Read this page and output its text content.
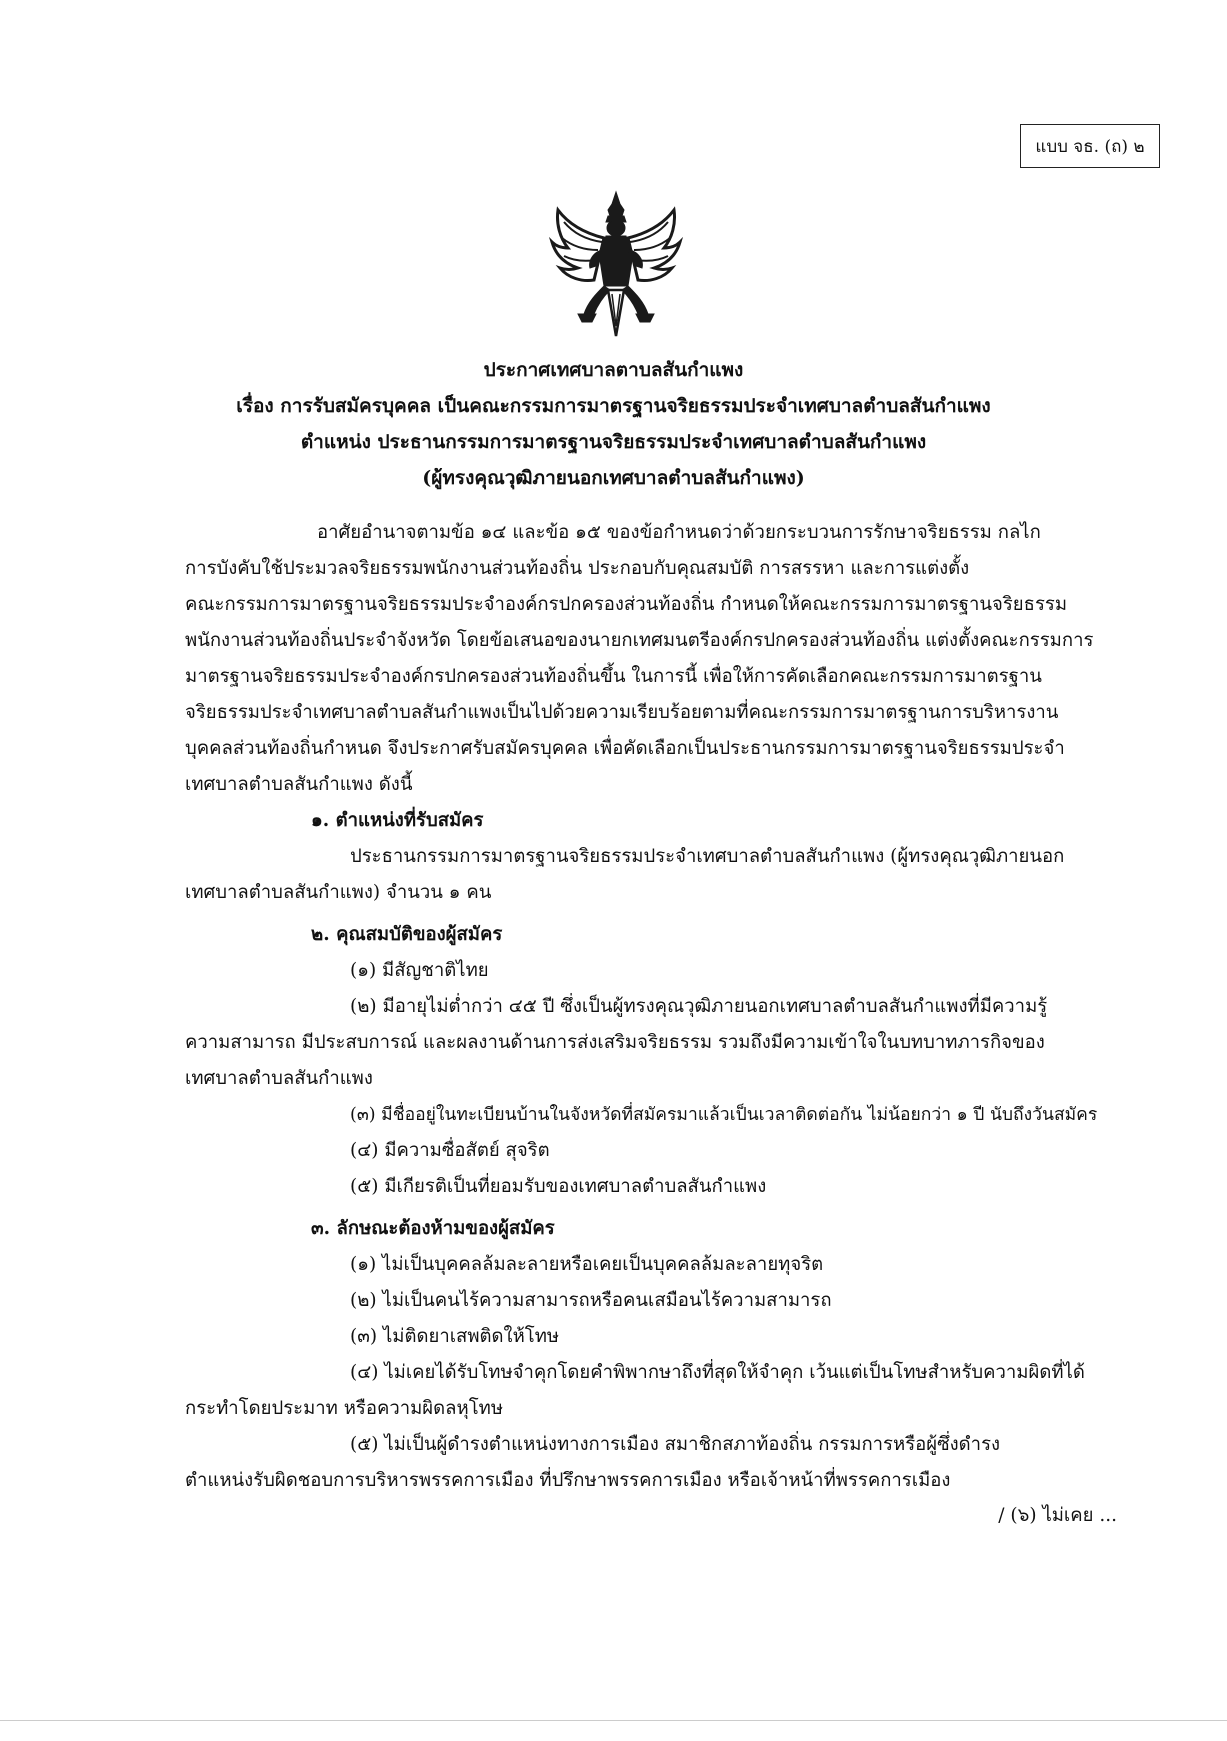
แบบ จธ. (ถ) ๒
ประกาศเทศบาลตาบลสันกำแพง
เรื่อง การรับสมัครบุคคล เป็นคณะกรรมการมาตรฐานจริยธรรมประจำเทศบาลตำบลสันกำแพง
ตำแหน่ง ประธานกรรมการมาตรฐานจริยธรรมประจำเทศบาลตำบลสันกำแพง
(ผู้ทรงคุณวุฒิภายนอกเทศบาลตำบลสันกำแพง)
อาศัยอำนาจตามข้อ ๑๔ และข้อ ๑๕ ของข้อกำหนดว่าด้วยกระบวนการรักษาจริยธรรม กลไก
การบังคับใช้ประมวลจริยธรรมพนักงานส่วนท้องถิ่น ประกอบกับคุณสมบัติ การสรรหา และการแต่งตั้ง
คณะกรรมการมาตรฐานจริยธรรมประจำองค์กรปกครองส่วนท้องถิ่น กำหนดให้คณะกรรมการมาตรฐานจริยธรรม
พนักงานส่วนท้องถิ่นประจำจังหวัด โดยข้อเสนอของนายกเทศมนตรีองค์กรปกครองส่วนท้องถิ่น แต่งตั้งคณะกรรมการ
มาตรฐานจริยธรรมประจำองค์กรปกครองส่วนท้องถิ่นขึ้น ในการนี้ เพื่อให้การคัดเลือกคณะกรรมการมาตรฐาน
จริยธรรมประจำเทศบาลตำบลสันกำแพงเป็นไปด้วยความเรียบร้อยตามที่คณะกรรมการมาตรฐานการบริหารงาน
บุคคลส่วนท้องถิ่นกำหนด จึงประกาศรับสมัครบุคคล เพื่อคัดเลือกเป็นประธานกรรมการมาตรฐานจริยธรรมประจำ
เทศบาลตำบลสันกำแพง ดังนี้
๑. ตำแหน่งที่รับสมัคร
ประธานกรรมการมาตรฐานจริยธรรมประจำเทศบาลตำบลสันกำแพง (ผู้ทรงคุณวุฒิภายนอก
เทศบาลตำบลสันกำแพง) จำนวน ๑ คน
๒. คุณสมบัติของผู้สมัคร
(๑) มีสัญชาติไทย
(๒) มีอายุไม่ต่ำกว่า ๔๕ ปี ซึ่งเป็นผู้ทรงคุณวุฒิภายนอกเทศบาลตำบลสันกำแพงที่มีความรู้
ความสามารถ มีประสบการณ์ และผลงานด้านการส่งเสริมจริยธรรม รวมถึงมีความเข้าใจในบทบาทภารกิจของ
เทศบาลตำบลสันกำแพง
(๓) มีชื่ออยู่ในทะเบียนบ้านในจังหวัดที่สมัครมาแล้วเป็นเวลาติดต่อกัน ไม่น้อยกว่า ๑ ปี นับถึงวันสมัคร
(๔) มีความซื่อสัตย์ สุจริต
(๕) มีเกียรติเป็นที่ยอมรับของเทศบาลตำบลสันกำแพง
๓. ลักษณะต้องห้ามของผู้สมัคร
(๑) ไม่เป็นบุคคลล้มละลายหรือเคยเป็นบุคคลล้มละลายทุจริต
(๒) ไม่เป็นคนไร้ความสามารถหรือคนเสมือนไร้ความสามารถ
(๓) ไม่ติดยาเสพติดให้โทษ
(๔) ไม่เคยได้รับโทษจำคุกโดยคำพิพากษาถึงที่สุดให้จำคุก เว้นแต่เป็นโทษสำหรับความผิดที่ได้
กระทำโดยประมาท หรือความผิดลหุโทษ
(๕) ไม่เป็นผู้ดำรงตำแหน่งทางการเมือง สมาชิกสภาท้องถิ่น กรรมการหรือผู้ซึ่งดำรง
ตำแหน่งรับผิดชอบการบริหารพรรคการเมือง ที่ปรึกษาพรรคการเมือง หรือเจ้าหน้าที่พรรคการเมือง
/ (๖) ไม่เคย ...
